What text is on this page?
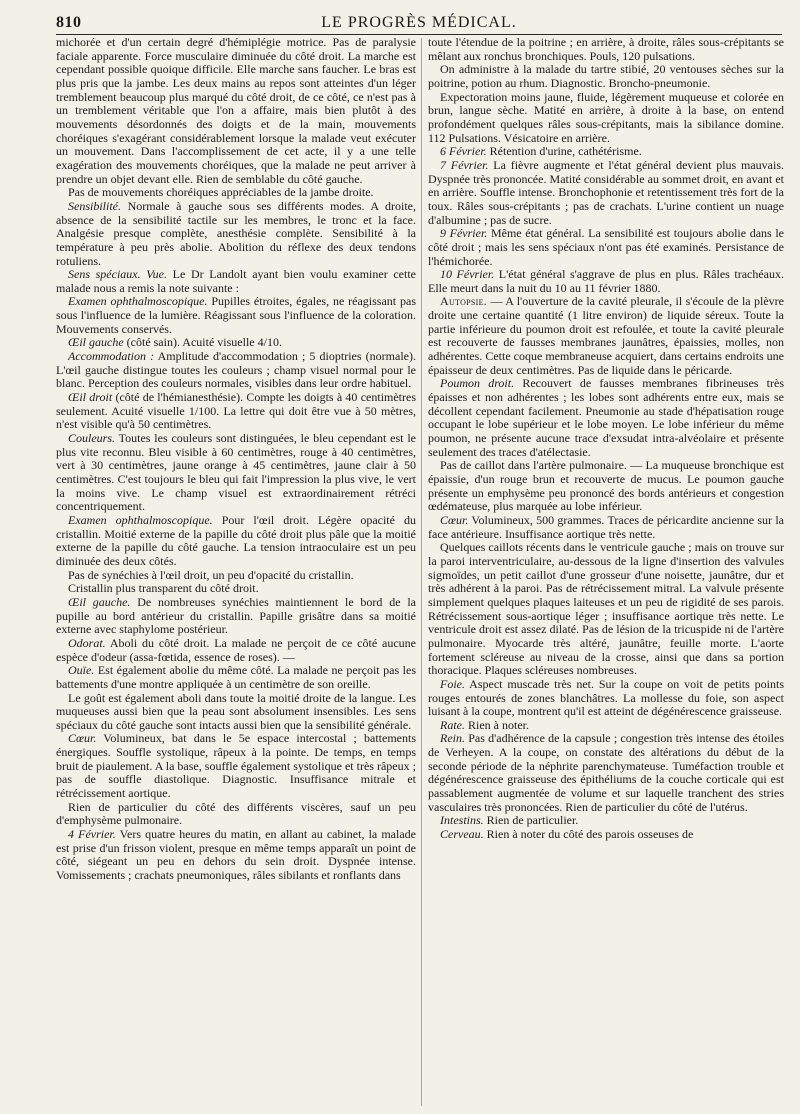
810	LE PROGRÈS MÉDICAL.

michorée et d'un certain degré d'hémiplégie motrice. Pas de paralysie faciale apparente. Force musculaire diminuée du côté droit. La marche est cependant possible quoique difficile. Elle marche sans faucher. Le bras est plus pris que la jambe. Les deux mains au repos sont atteintes d'un léger tremblement beaucoup plus marqué du côté droit, de ce côté, ce n'est pas à un tremblement véritable que l'on a affaire, mais bien plutôt à des mouvements désordonnés des doigts et de la main, mouvements choréiques s'exagérant considérablement lorsque la malade veut exécuter un mouvement. Dans l'accomplissement de cet acte, il y a une telle exagération des mouvements choréiques, que la malade ne peut arriver à prendre un objet devant elle. Rien de semblable du côté gauche.

Pas de mouvements choréiques appréciables de la jambe droite.

Sensibilité. Normale à gauche sous ses différents modes. A droite, absence de la sensibilité tactile sur les membres, le tronc et la face. Analgésie presque complète, anesthésie complète. Sensibilité à la température à peu près abolie. Abolition du réflexe des deux tendons rotuliens.

Sens spéciaux. Vue. Le Dr Landolt ayant bien voulu examiner cette malade nous a remis la note suivante :

Examen ophthalmoscopique. Pupilles étroites, égales, ne réagissant pas sous l'influence de la lumière. Réagissant sous l'influence de la coloration. Mouvements conservés.

Œil gauche (côté sain). Acuité visuelle 4/10.

Accommodation : Amplitude d'accommodation ; 5 dioptries (normale). L'œil gauche distingue toutes les couleurs ; champ visuel normal pour le blanc. Perception des couleurs normales, visibles dans leur ordre habituel.

Œil droit (côté de l'hémianesthésie). Compte les doigts à 40 centimètres seulement. Acuité visuelle 1/100. La lettre qui doit être vue à 50 mètres, n'est visible qu'à 50 centimètres.

Couleurs. Toutes les couleurs sont distinguées, le bleu cependant est le plus vite reconnu. Bleu visible à 60 centimètres, rouge à 40 centimètres, vert à 30 centimètres, jaune orange à 45 centimètres, jaune clair à 50 centimètres. C'est toujours le bleu qui fait l'impression la plus vive, le vert la moins vive. Le champ visuel est extraordinairement rétréci concentriquement.

Examen ophthalmoscopique. Pour l'œil droit. Légère opacité du cristallin. Moitié externe de la papille du côté droit plus pâle que la moitié externe de la papille du côté gauche. La tension intraoculaire est un peu diminuée des deux côtés.

Pas de synéchies à l'œil droit, un peu d'opacité du cristallin.

Cristallin plus transparent du côté droit.

Œil gauche. De nombreuses synéchies maintiennent le bord de la pupille au bord antérieur du cristallin. Papille grisâtre dans sa moitié externe avec staphylome postérieur.

Odorat. Aboli du côté droit. La malade ne perçoit de ce côté aucune espèce d'odeur (assa-fœtida, essence de roses). —

Ouïe. Est également abolie du même côté. La malade ne perçoit pas les battements d'une montre appliquée à un centimètre de son oreille.

Le goût est également aboli dans toute la moitié droite de la langue. Les muqueuses aussi bien que la peau sont absolument insensibles. Les sens spéciaux du côté gauche sont intacts aussi bien que la sensibilité générale.

Cœur. Volumineux, bat dans le 5e espace intercostal ; battements énergiques. Souffle systolique, râpeux à la pointe. De temps, en temps bruit de piaulement. A la base, souffle également systolique et très râpeux ; pas de souffle diastolique. Diagnostic. Insuffisance mitrale et rétrécissement aortique.

Rien de particulier du côté des différents viscères, sauf un peu d'emphysème pulmonaire.

4 Février. Vers quatre heures du matin, en allant au cabinet, la malade est prise d'un frisson violent, presque en même temps apparaît un point de côté, siégeant un peu en dehors du sein droit. Dyspnée intense. Vomissements ; crachats pneumoniques, râles sibilants et ronflants dans

toute l'étendue de la poitrine ; en arrière, à droite, râles sous-crépitants se mêlant aux ronchus bronchiques. Pouls, 120 pulsations.

On administre à la malade du tartre stibié, 20 ventouses sèches sur la poitrine, potion au rhum. Diagnostic. Broncho-pneumonie.

Expectoration moins jaune, fluide, légèrement muqueuse et colorée en brun, langue sèche. Matité en arrière, à droite à la base, on entend profondément quelques râles sous-crépitants, mais la sibilance domine. 112 Pulsations. Vésicatoire en arrière.

6 Février. Rétention d'urine, cathétérisme.

7 Février. La fièvre augmente et l'état général devient plus mauvais. Dyspnée très prononcée. Matité considérable au sommet droit, en avant et en arrière. Souffle intense. Bronchophonie et retentissement très fort de la toux. Râles sous-crépitants ; pas de crachats. L'urine contient un nuage d'albumine ; pas de sucre.

9 Février. Même état général. La sensibilité est toujours abolie dans le côté droit ; mais les sens spéciaux n'ont pas été examinés. Persistance de l'hémichorée.

10 Février. L'état général s'aggrave de plus en plus. Râles trachéaux. Elle meurt dans la nuit du 10 au 11 février 1880.

Autopsie. — A l'ouverture de la cavité pleurale, il s'écoule de la plèvre droite une certaine quantité (1 litre environ) de liquide séreux. Toute la partie inférieure du poumon droit est refoulée, et toute la cavité pleurale est recouverte de fausses membranes jaunâtres, épaissies, molles, non adhérentes. Cette coque membraneuse acquiert, dans certains endroits une épaisseur de deux centimètres. Pas de liquide dans le péricarde.

Poumon droit. Recouvert de fausses membranes fibrineuses très épaisses et non adhérentes ; les lobes sont adhérents entre eux, mais se décollent cependant facilement. Pneumonie au stade d'hépatisation rouge occupant le lobe supérieur et le lobe moyen. Le lobe inférieur du même poumon, ne présente aucune trace d'exsudat intra-alvéolaire et présente seulement des traces d'atélectasie.

Pas de caillot dans l'artère pulmonaire. — La muqueuse bronchique est épaissie, d'un rouge brun et recouverte de mucus. Le poumon gauche présente un emphysème peu prononcé des bords antérieurs et congestion œdémateuse, plus marquée au lobe inférieur.

Cœur. Volumineux, 500 grammes. Traces de péricardite ancienne sur la face antérieure. Insuffisance aortique très nette.

Quelques caillots récents dans le ventricule gauche ; mais on trouve sur la paroi interventriculaire, au-dessous de la ligne d'insertion des valvules sigmoïdes, un petit caillot d'une grosseur d'une noisette, jaunâtre, dur et très adhérent à la paroi. Pas de rétrécissement mitral. La valvule présente simplement quelques plaques laiteuses et un peu de rigidité de ses parois. Rétrécissement sous-aortique léger ; insuffisance aortique très nette. Le ventricule droit est assez dilaté. Pas de lésion de la tricuspide ni de l'artère pulmonaire. Myocarde très altéré, jaunâtre, feuille morte. L'aorte fortement scléreuse au niveau de la crosse, ainsi que dans sa portion thoracique. Plaques scléreuses nombreuses.

Foie. Aspect muscade très net. Sur la coupe on voit de petits points rouges entourés de zones blanchâtres. La mollesse du foie, son aspect luisant à la coupe, montrent qu'il est atteint de dégénérescence graisseuse.

Rate. Rien à noter.

Rein. Pas d'adhérence de la capsule ; congestion très intense des étoiles de Verheyen. A la coupe, on constate des altérations du début de la seconde période de la néphrite parenchymateuse. Tuméfaction trouble et dégénérescence graisseuse des épithéliums de la couche corticale qui est passablement augmentée de volume et sur laquelle tranchent des stries vasculaires très prononcées. Rien de particulier du côté de l'utérus.

Intestins. Rien de particulier.

Cerveau. Rien à noter du côté des parois osseuses de
